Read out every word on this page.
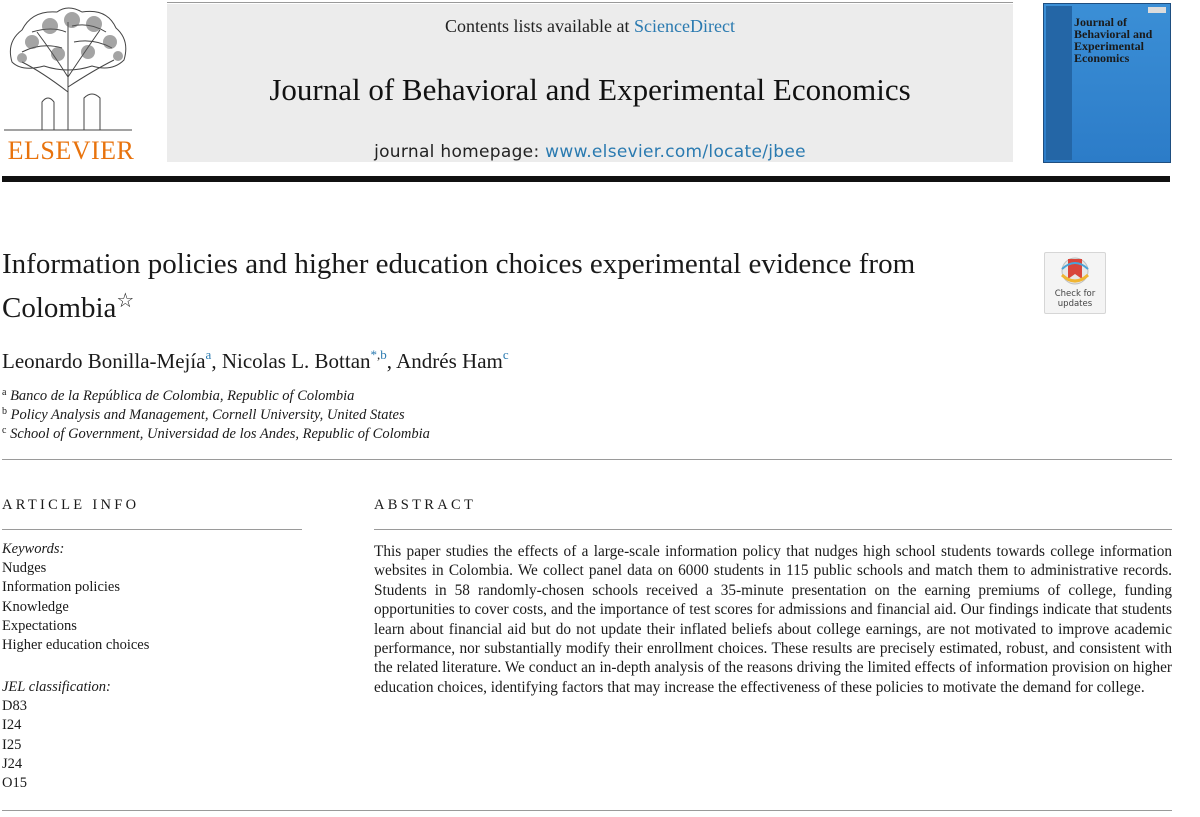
ELSEVIER
Contents lists available at ScienceDirect
Journal of Behavioral and Experimental Economics
journal homepage: www.elsevier.com/locate/jbee
Journal of Behavioral and Experimental Economics
Information policies and higher education choices experimental evidence from Colombia☆	Check for updates
Leonardo Bonilla-Mejía$^a$, Nicolas L. Bottan$^{*,b}$, Andrés Ham$^c$
$^a$ Banco de la República de Colombia, Republic of Colombia
$^b$ Policy Analysis and Management, Cornell University, United States
$^c$ School of Government, Universidad de los Andes, Republic of Colombia
ARTICLE INFO
Keywords:
Nudges
Information policies
Knowledge
Expectations
Higher education choices
JEL classification:
D83
I24
I25
J24
O15
ABSTRACT
This paper studies the effects of a large-scale information policy that nudges high school students towards college information websites in Colombia. We collect panel data on 6000 students in 115 public schools and match them to administrative records. Students in 58 randomly-chosen schools received a 35-minute presentation on the earning premiums of college, funding opportunities to cover costs, and the importance of test scores for admissions and financial aid. Our findings indicate that students learn about financial aid but do not update their inflated beliefs about college earnings, are not motivated to improve academic performance, nor substantially modify their enrollment choices. These results are precisely estimated, robust, and consistent with the related literature. We conduct an in-depth analysis of the reasons driving the limited effects of information provision on higher education choices, identifying factors that may increase the effectiveness of these policies to motivate the demand for college.
